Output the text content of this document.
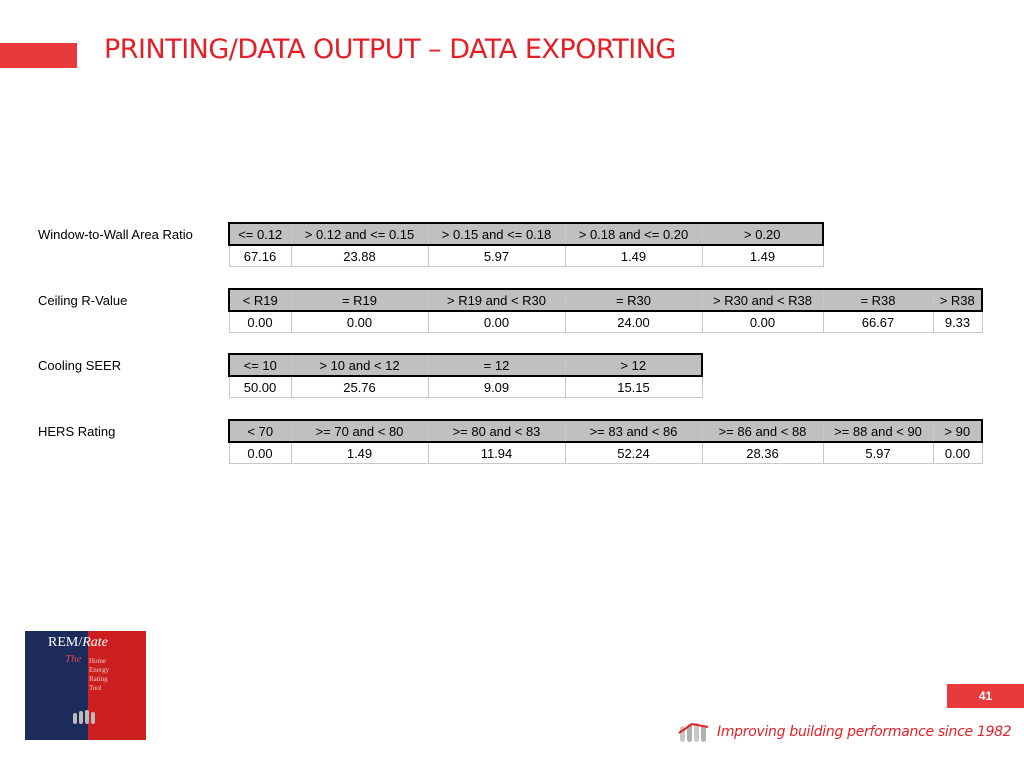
PRINTING/DATA OUTPUT – DATA EXPORTING
Window-to-Wall Area Ratio	<= 0.12	> 0.12 and <= 0.15	> 0.15 and <= 0.18	> 0.18 and <= 0.20	> 0.20
67.16	23.88	5.97	1.49	1.49
Ceiling R-Value	< R19	= R19	> R19 and < R30	= R30	> R30 and < R38	= R38	> R38
0.00	0.00	0.00	24.00	0.00	66.67	9.33
Cooling SEER	<= 10	> 10 and < 12	= 12	> 12
50.00	25.76	9.09	15.15
HERS Rating	< 70	>= 70 and < 80	>= 80 and < 83	>= 83 and < 86	>= 86 and < 88	>= 88 and < 90	> 90
0.00	1.49	11.94	52.24	28.36	5.97	0.00
REM/Rate
The Home
Energy
Rating
Tool

41
Improving building performance since 1982
